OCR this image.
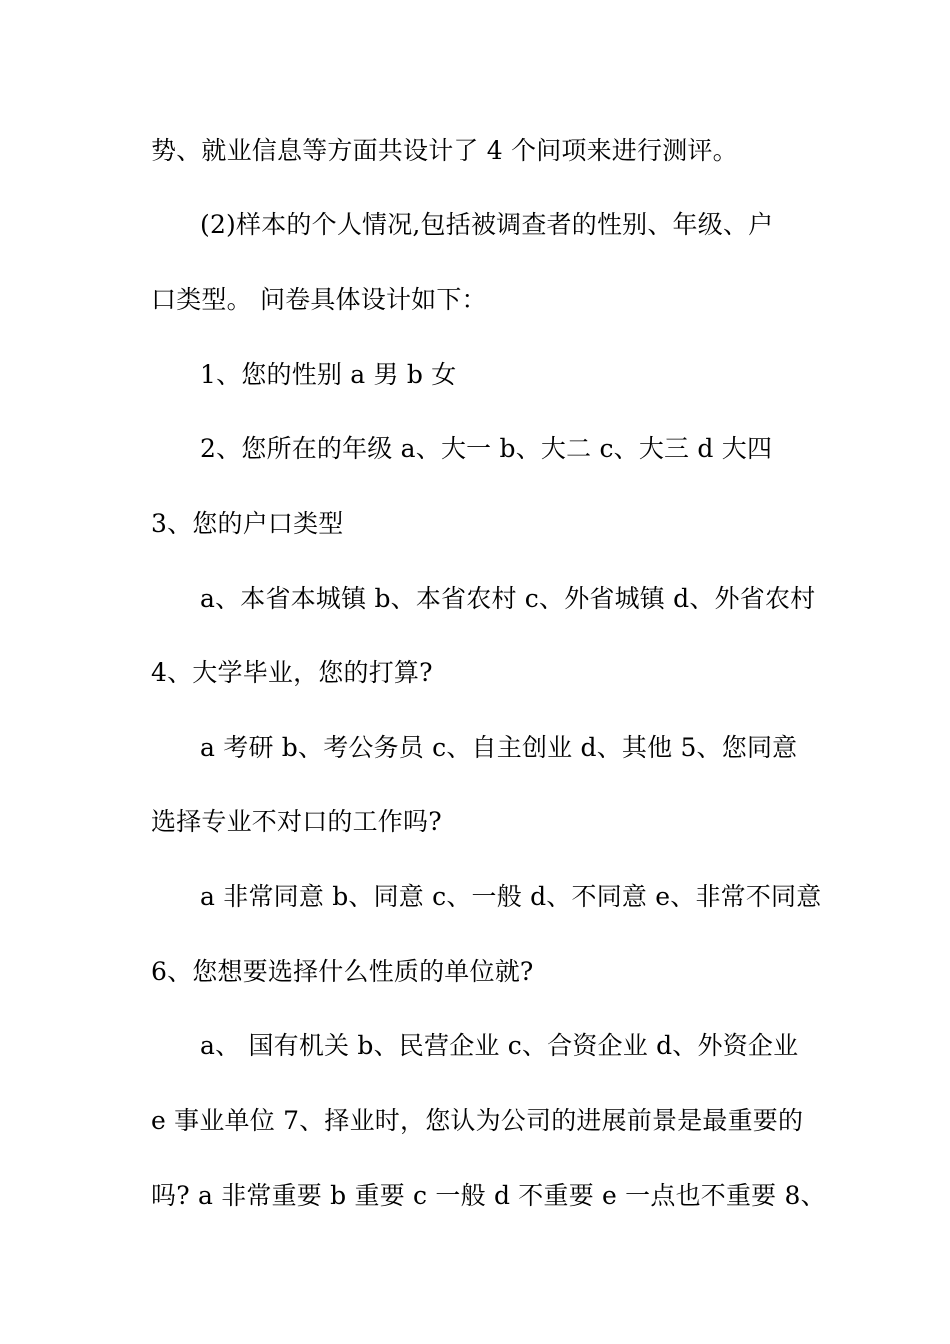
势、就业信息等方面共设计了 4 个问项来进行测评。
(2)样本的个人情况,包括被调查者的性别、年级、户
口类型。 问卷具体设计如下：
1、您的性别 a 男 b 女
2、您所在的年级 a、大一 b、大二 c、大三 d 大四
3、您的户口类型
a、本省本城镇 b、本省农村 c、外省城镇 d、外省农村
4、大学毕业，您的打算?
a 考研 b、考公务员 c、自主创业 d、其他 5、您同意
选择专业不对口的工作吗?
a 非常同意 b、同意 c、一般 d、不同意 e、非常不同意
6、您想要选择什么性质的单位就?
a、 国有机关 b、民营企业 c、合资企业 d、外资企业
e 事业单位 7、择业时，您认为公司的进展前景是最重要的
吗? a 非常重要 b 重要 c 一般 d 不重要 e 一点也不重要 8、
